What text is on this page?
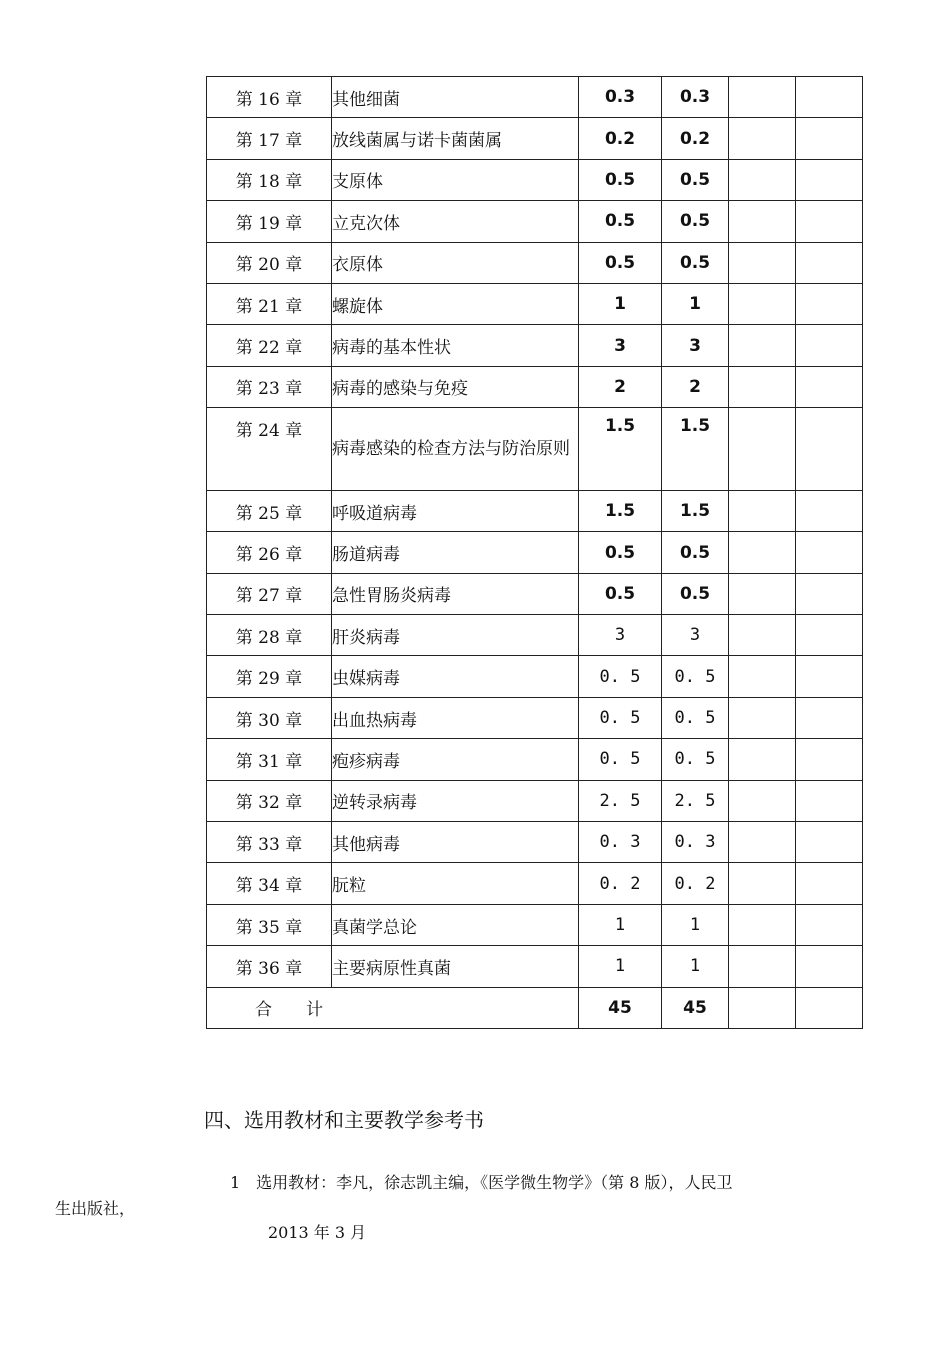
第 16 章	其他细菌	0.3	0.3		
第 17 章	放线菌属与诺卡菌菌属	0.2	0.2		
第 18 章	支原体	0.5	0.5		
第 19 章	立克次体	0.5	0.5		
第 20 章	衣原体	0.5	0.5		
第 21 章	螺旋体	1	1		
第 22 章	病毒的基本性状	3	3		
第 23 章	病毒的感染与免疫	2	2		
第 24 章	病毒感染的检查方法与防治原则	1.5	1.5		
第 25 章	呼吸道病毒	1.5	1.5		
第 26 章	肠道病毒	0.5	0.5		
第 27 章	急性胃肠炎病毒	0.5	0.5		
第 28 章	肝炎病毒	3	3		
第 29 章	虫媒病毒	0. 5	0. 5		
第 30 章	出血热病毒	0. 5	0. 5		
第 31 章	疱疹病毒	0. 5	0. 5		
第 32 章	逆转录病毒	2. 5	2. 5		
第 33 章	其他病毒	0. 3	0. 3		
第 34 章	朊粒	0. 2	0. 2		
第 35 章	真菌学总论	1	1		
第 36 章	主要病原性真菌	1	1		
合　　计		45	45		
四、选用教材和主要教学参考书
1　选用教材：李凡，徐志凯主编，《医学微生物学》（第 8 版），人民卫
生出版社，
2013 年 3 月
